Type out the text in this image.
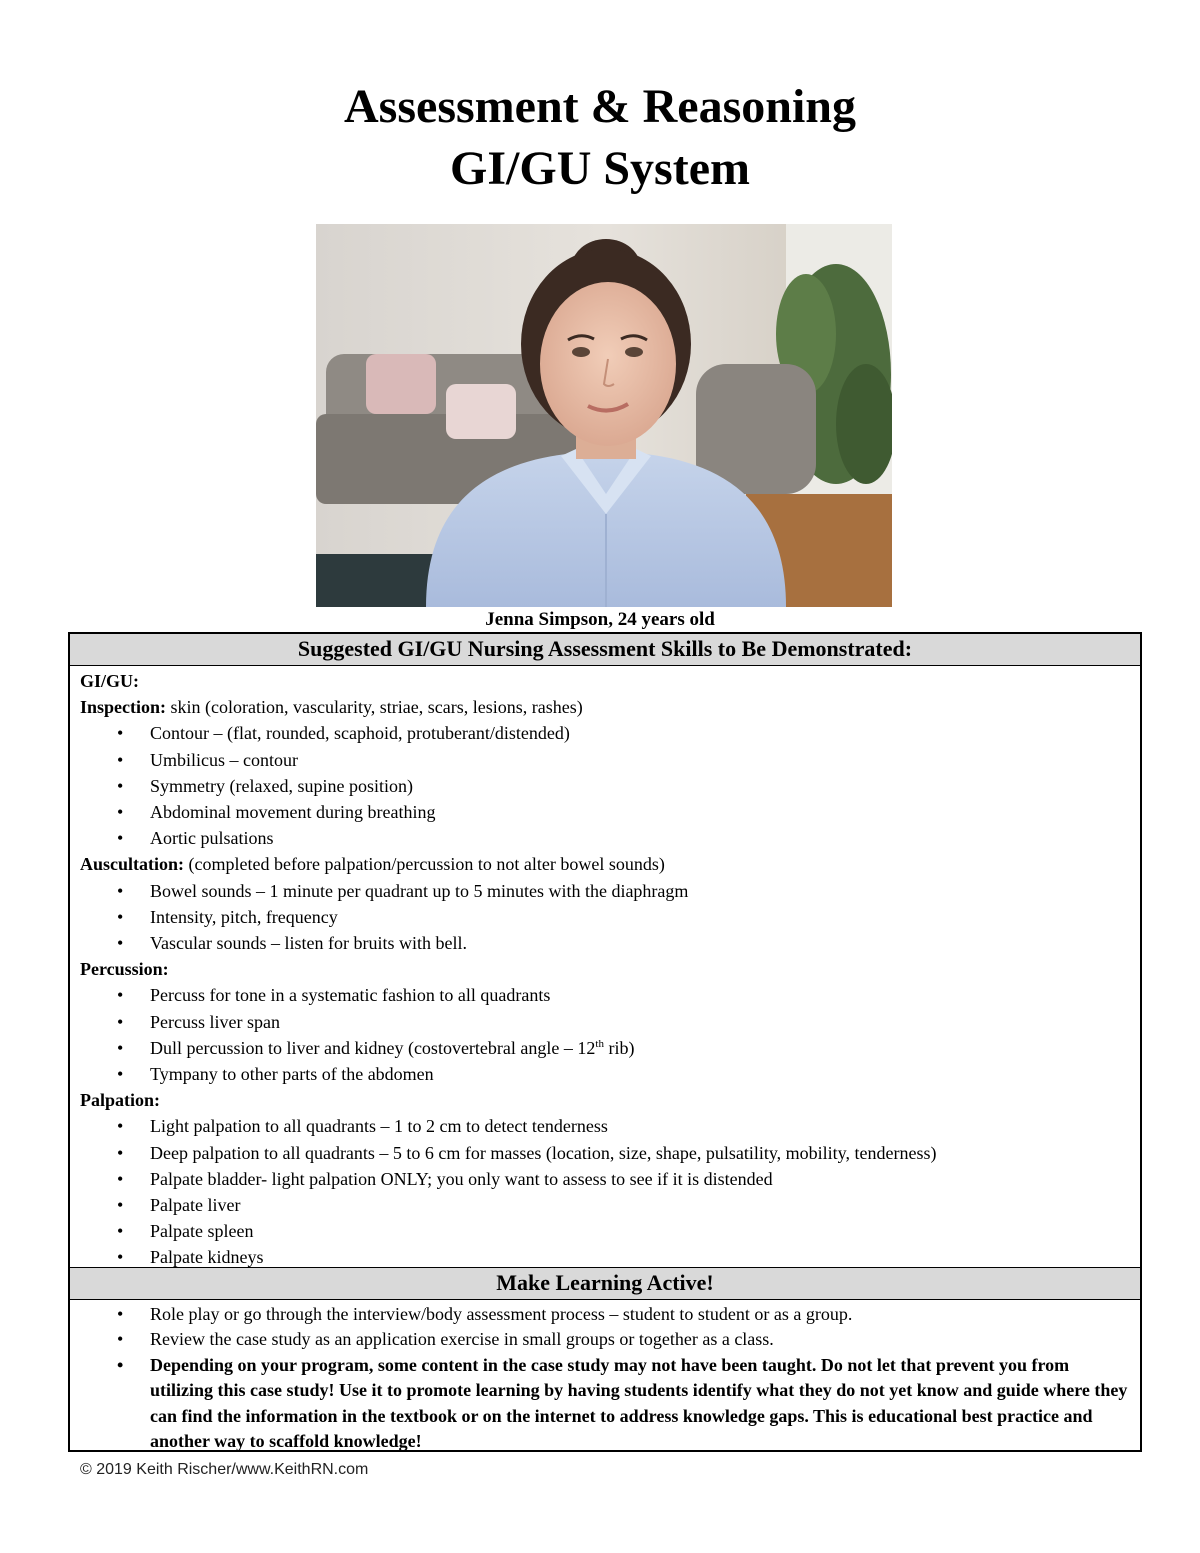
Assessment & Reasoning
GI/GU System
Jenna Simpson, 24 years old
Suggested GI/GU Nursing Assessment Skills to Be Demonstrated:
GI/GU:
Inspection: skin (coloration, vascularity, striae, scars, lesions, rashes)
• Contour – (flat, rounded, scaphoid, protuberant/distended)
• Umbilicus – contour
• Symmetry (relaxed, supine position)
• Abdominal movement during breathing
• Aortic pulsations
Auscultation: (completed before palpation/percussion to not alter bowel sounds)
• Bowel sounds – 1 minute per quadrant up to 5 minutes with the diaphragm
• Intensity, pitch, frequency
• Vascular sounds – listen for bruits with bell.
Percussion:
• Percuss for tone in a systematic fashion to all quadrants
• Percuss liver span
• Dull percussion to liver and kidney (costovertebral angle – 12th rib)
• Tympany to other parts of the abdomen
Palpation:
• Light palpation to all quadrants – 1 to 2 cm to detect tenderness
• Deep palpation to all quadrants – 5 to 6 cm for masses (location, size, shape, pulsatility, mobility, tenderness)
• Palpate bladder- light palpation ONLY; you only want to assess to see if it is distended
• Palpate liver
• Palpate spleen
• Palpate kidneys
Make Learning Active!
• Role play or go through the interview/body assessment process – student to student or as a group.
• Review the case study as an application exercise in small groups or together as a class.
• Depending on your program, some content in the case study may not have been taught. Do not let that prevent you from utilizing this case study! Use it to promote learning by having students identify what they do not yet know and guide where they can find the information in the textbook or on the internet to address knowledge gaps. This is educational best practice and another way to scaffold knowledge!
© 2019 Keith Rischer/www.KeithRN.com
